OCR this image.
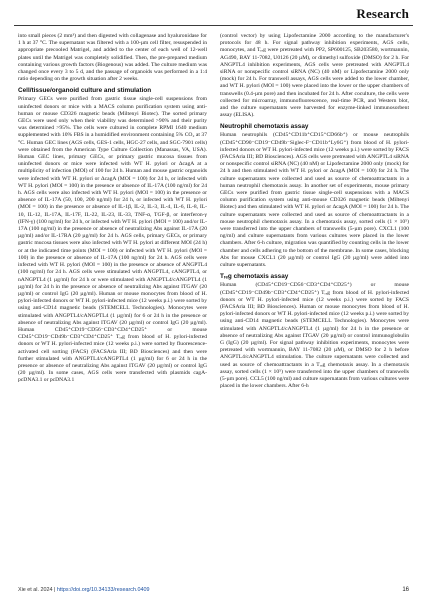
Research

into small pieces (2 mm³) and then digested with collagenase and hyaluronidase for 1 h at 37 °C. The supernatant was filtered with a 100-µm cell filter, resuspended in appropriate precooled Matrigel, and added to the center of each well of 12-well plates until the Matrigel was completely solidified. Then, the pre-prepared medium containing various growth factors (Biogenous) was added. The culture medium was changed once every 3 to 5 d, and the passage of organoids was performed in a 1:4 ratio depending on the growth situation after 2 weeks.

Cell/tissue/organoid culture and stimulation

Primary GECs were purified from gastric tissue single-cell suspensions from uninfected donors or mice with a MACS column purification system using anti-human or mouse CD326 magnetic beads (Miltenyi Biotec). The sorted primary GECs were used only when their viability was determined >90% and their purity was determined >95%. The cells were cultured in complete RPMI 1640 medium supplemented with 10% FBS in a humidified environment containing 5% CO₂ at 37 °C. Human GEC lines (AGS cells, GES-1 cells, HGC-27 cells, and SGC-7901 cells) were obtained from the American Type Culture Collection (Manassas, VA, USA). Human GEC lines, primary GECs, or primary gastric mucosa tissues from uninfected donors or mice were infected with WT H. pylori or ΔcagA at a multiplicity of infection (MOI) of 100 for 24 h. Human and mouse gastric organoids were infected with WT H. pylori or ΔcagA (MOI = 100) for 24 h, or infected with WT H. pylori (MOI = 100) in the presence or absence of IL-17A (100 ng/ml) for 24 h. AGS cells were also infected with WT H. pylori (MOI = 100) in the presence or absence of IL-17A (50, 100, 200 ng/ml) for 24 h, or infected with WT H. pylori (MOI = 100) in the presence or absence of IL-1β, IL-2, IL-3, IL-4, IL-6, IL-8, IL-10, IL-12, IL-17A, IL-17F, IL-22, IL-23, IL-33, TNF-α, TGF-β, or interferon-γ (IFN-γ) (100 ng/ml) for 24 h, or infected with WT H. pylori (MOI = 100) and/or IL-17A (100 ng/ml) in the presence or absence of neutralizing Abs against IL-17A (20 µg/ml) and/or IL-17RA (20 µg/ml) for 24 h. AGS cells, primary GECs, or primary gastric mucosa tissues were also infected with WT H. pylori at different MOI (24 h) or at the indicated time points (MOI = 100) or infected with WT H. pylori (MOI = 100) in the presence or absence of IL-17A (100 ng/ml) for 24 h. AGS cells were infected with WT H. pylori (MOI = 100) in the presence or absence of ANGPTL4 (100 ng/ml) for 24 h. AGS cells were stimulated with ANGPTL4, cANGPTL4, or nANGPTL4 (1 µg/ml) for 24 h or were stimulated with ANGPTL4/cANGPTL4 (1 µg/ml) for 24 h in the presence or absence of neutralizing Abs against ITGAV (20 µg/ml) or control IgG (20 µg/ml). Human or mouse monocytes from blood of H. pylori-infected donors or WT H. pylori-infected mice (12 weeks p.i.) were sorted by using anti-CD14 magnetic beads (STEMCELL Technologies). Monocytes were stimulated with ANGPTL4/cANGPTL4 (1 µg/ml) for 6 or 24 h in the presence or absence of neutralizing Abs against ITGAV (20 µg/ml) or control IgG (20 µg/ml). Human CD45⁺CD19⁻CD56⁻CD3⁺CD4⁺CD25⁺ or mouse CD45⁺CD19⁻CD49b⁻CD3⁺CD4⁺CD25⁺ Tᵣₑg from blood of H. pylori-infected donors or WT H. pylori-infected mice (12 weeks p.i.) were sorted by fluorescence-activated cell sorting (FACS) (FACSAria III; BD Biosciences) and then were further stimulated with ANGPTL4/cANGPTL4 (1 µg/ml) for 6 or 24 h in the presence or absence of neutralizing Abs against ITGAV (20 µg/ml) or control IgG (20 µg/ml). In some cases, AGS cells were transfected with plasmids cagA-pcDNA3.1 or pcDNA3.1

(control vector) by using Lipofectamine 2000 according to the manufacturer's protocols for 48 h. For signal pathway inhibition experiments, AGS cells, monocytes, and Tᵣₑg were pretreated with PP2, SP600125, SB203580, wortmannin, AG490, BAY 11-7082, U0126 (20 µM), or dimethyl sulfoxide (DMSO) for 2 h. For ANGPTL4 inhibition experiments, AGS cells were pretreated with ANGPTL4 siRNA or nonspecific control siRNA (NC) (40 nM) or Lipofectamine 2000 only (mock) for 24 h. For transwell assays, AGS cells were added to the lower chamber, and WT H. pylori (MOI = 100) were placed into the lower or the upper chambers of transwells (0.4-µm pore) and then incubated for 24 h. After coculture, the cells were collected for microarray, immunofluorescence, real-time PCR, and Western blot, and the culture supernatants were harvested for enzyme-linked immunosorbent assay (ELISA).

Neutrophil chemotaxis assay

Human neutrophils (CD45⁺CD11b⁺CD15⁺CD66b⁺) or mouse neutrophils (CD45⁺CD90⁻CD19⁻CD49b⁻Siglec-F⁻CD11b⁺Ly6G⁺) from blood of H. pylori-infected donors or WT H. pylori-infected mice (12 weeks p.i.) were sorted by FACS (FACSAria III; BD Biosciences). AGS cells were pretreated with ANGPTL4 siRNA or nonspecific control siRNA (NC) (40 nM) or Lipofectamine 2000 only (mock) for 24 h and then stimulated with WT H. pylori or ΔcagA (MOI = 100) for 24 h. The culture supernatants were collected and used as source of chemoattractants in a human neutrophil chemotaxis assay. In another set of experiments, mouse primary GECs were purified from gastric tissue single-cell suspensions with a MACS column purification system using anti-mouse CD326 magnetic beads (Miltenyi Biotec) and then stimulated with WT H. pylori or ΔcagA (MOI = 100) for 24 h. The culture supernatants were collected and used as source of chemoattractants in a mouse neutrophil chemotaxis assay. In a chemotaxis assay, sorted cells (1 × 10⁵) were transferred into the upper chambers of transwells (5-µm pore). CXCL1 (100 ng/ml) and culture supernatants from various cultures were placed in the lower chambers. After 6-h culture, migration was quantified by counting cells in the lower chamber and cells adhering to the bottom of the membrane. In some cases, blocking Abs for mouse CXCL1 (20 µg/ml) or control IgG (20 µg/ml) were added into culture supernatants.

Tᵣₑg chemotaxis assay

Human (CD45⁺CD19⁻CD56⁻CD3⁺CD4⁺CD25⁺) or mouse (CD45⁺CD19⁻CD49b⁻CD3⁺CD4⁺CD25⁺) Tᵣₑg from blood of H. pylori-infected donors or WT H. pylori-infected mice (12 weeks p.i.) were sorted by FACS (FACSAria III; BD Biosciences). Human or mouse monocytes from blood of H. pylori-infected donors or WT H. pylori-infected mice (12 weeks p.i.) were sorted by using anti-CD14 magnetic beads (STEMCELL Technologies). Monocytes were stimulated with ANGPTL4/cANGPTL4 (1 µg/ml) for 24 h in the presence or absence of neutralizing Abs against ITGAV (20 µg/ml) or control immunoglobulin G (IgG) (20 µg/ml). For signal pathway inhibition experiments, monocytes were pretreated with wortmannin, BAY 11-7082 (20 µM), or DMSO for 2 h before ANGPTL4/cANGPTL4 stimulation. The culture supernatants were collected and used as source of chemoattractants in a Tᵣₑg chemotaxis assay. In a chemotaxis assay, sorted cells (1 × 10⁵) were transferred into the upper chambers of transwells (5-µm pore). CCL5 (100 ng/ml) and culture supernatants from various cultures were placed in the lower chambers. After 6-h

Xie et al. 2024 | https://doi.org/10.34133/research.0409	16
